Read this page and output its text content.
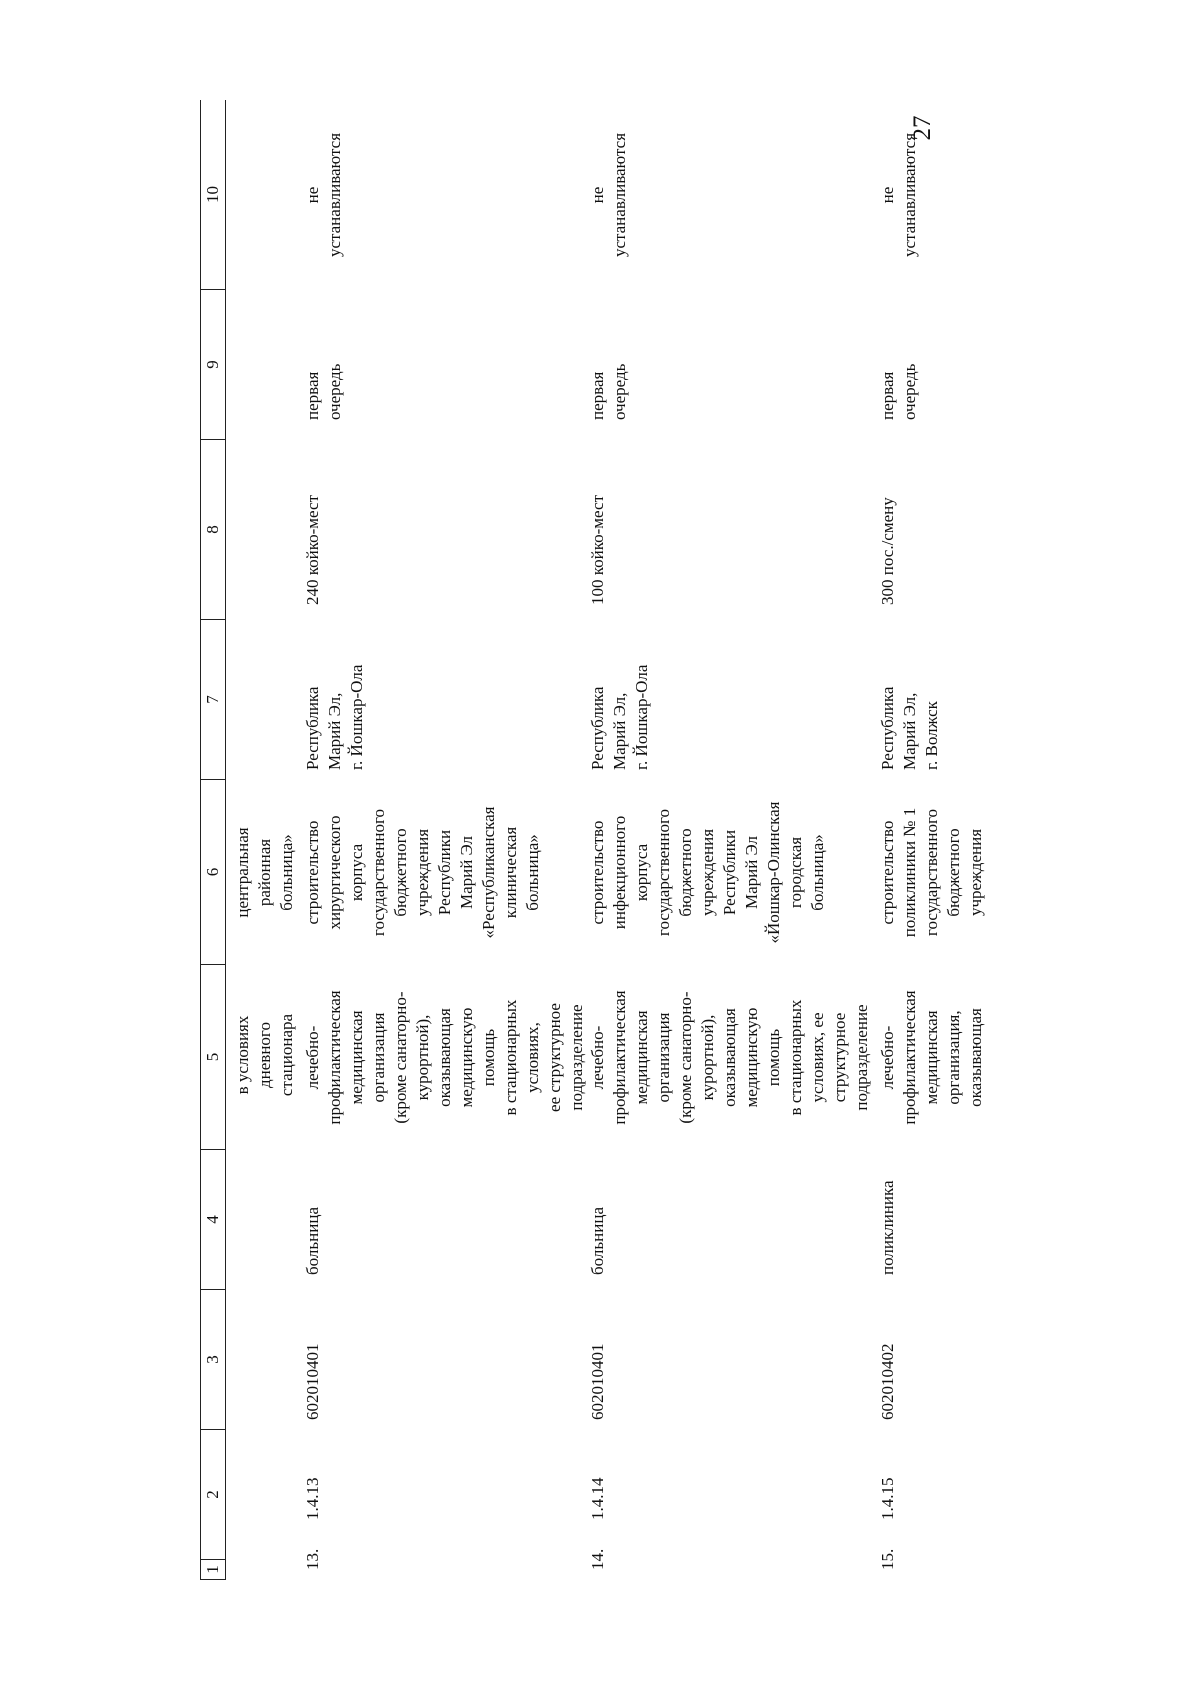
27
1
2
3
4
5
6
7
8
9
10
в условиях
дневного
стационара
центральная
районная
больница»
13.
1.4.13
602010401
больница
лечебно-
профилактическая
медицинская
организация
(кроме санаторно-
курортной),
оказывающая
медицинскую
помощь
в стационарных
условиях,
ее структурное
подразделение
строительство
хирургического
корпуса
государственного
бюджетного
учреждения
Республики
Марий Эл
«Республиканская
клиническая
больница»
Республика
Марий Эл,
г. Йошкар-Ола
240 койко-мест
первая
очередь
не
устанавливаются
14.
1.4.14
602010401
больница
лечебно-
профилактическая
медицинская
организация
(кроме санаторно-
курортной),
оказывающая
медицинскую
помощь
в стационарных
условиях, ее
структурное
подразделение
строительство
инфекционного
корпуса
государственного
бюджетного
учреждения
Республики
Марий Эл
«Йошкар-Олинская
городская
больница»
Республика
Марий Эл,
г. Йошкар-Ола
100 койко-мест
первая
очередь
не
устанавливаются
15.
1.4.15
602010402
поликлиника
лечебно-
профилактическая
медицинская
организация,
оказывающая
строительство
поликлиники № 1
государственного
бюджетного
учреждения
Республика
Марий Эл,
г. Волжск
300 пос./смену
первая
очередь
не
устанавливаются
